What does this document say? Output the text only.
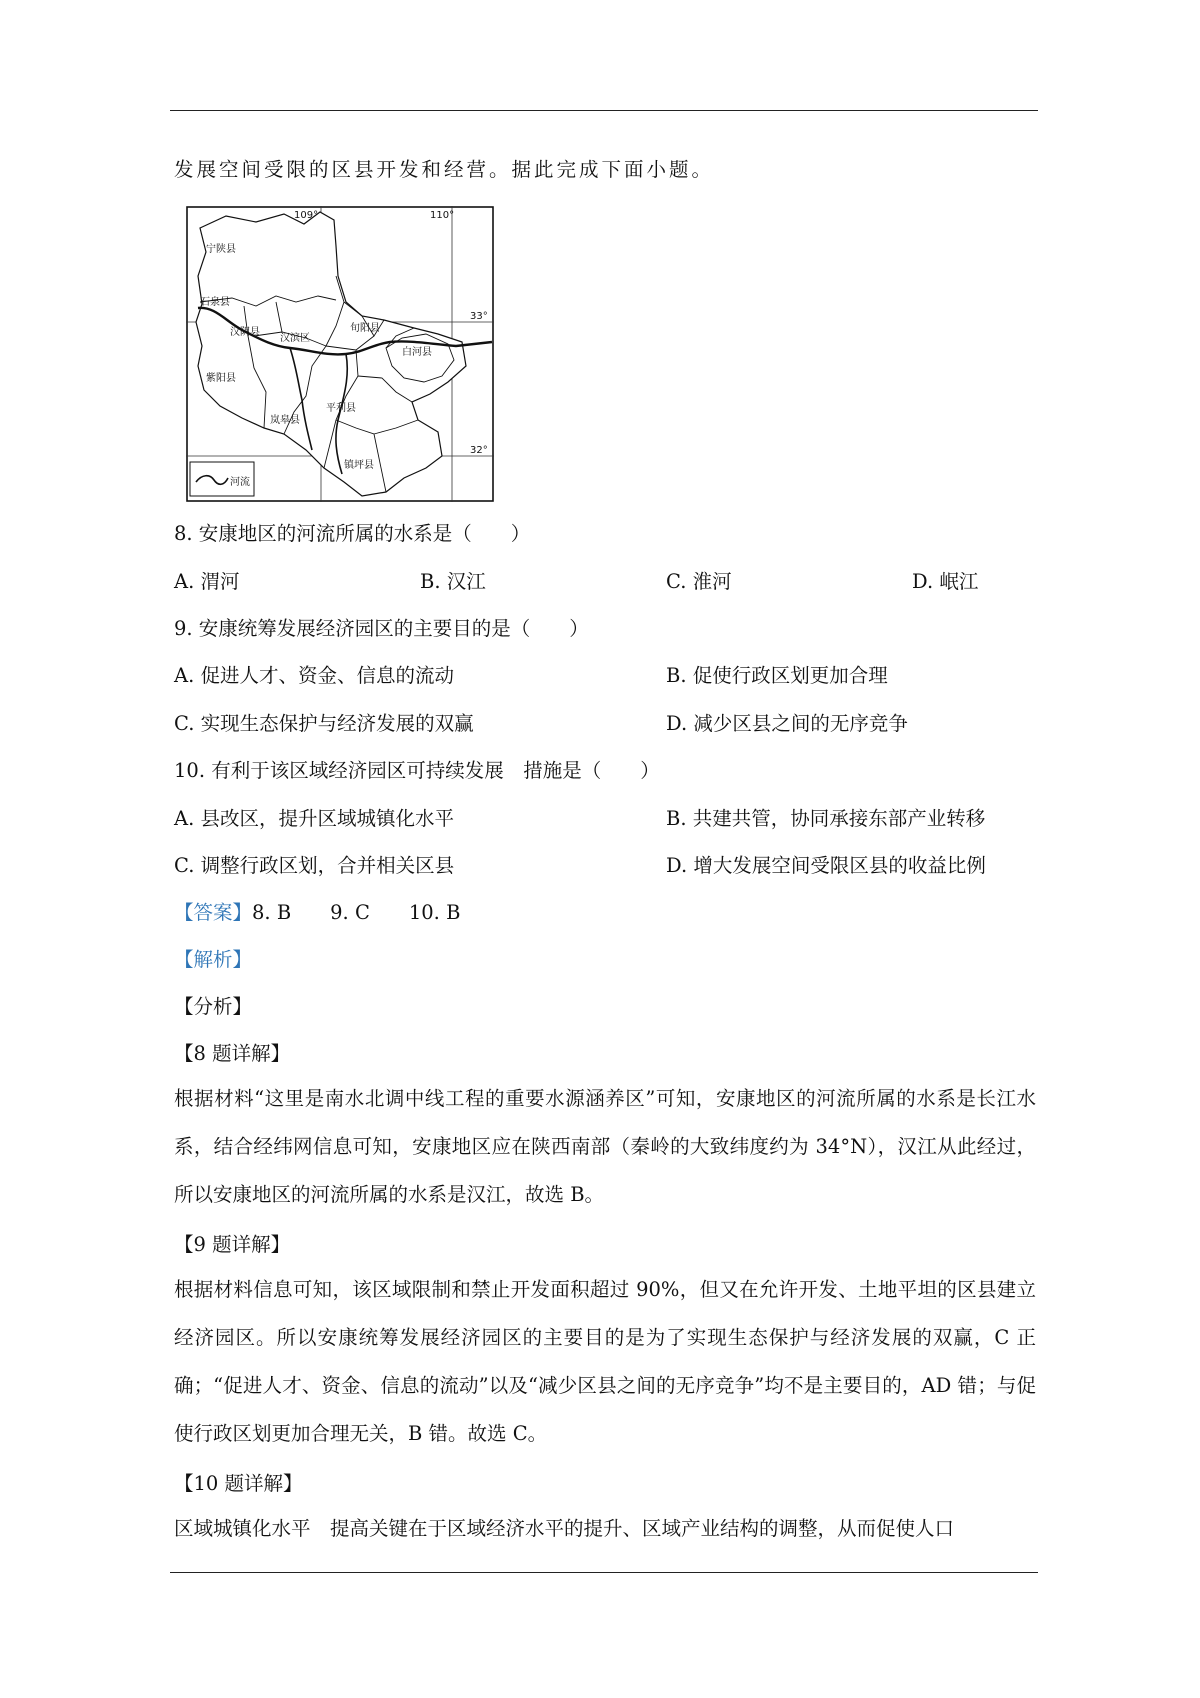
发展空间受限的区县开发和经营。据此完成下面小题。
109°	110°
33°
32°
宁陕县
石泉县
汉阴县
汉滨区
旬阳县
白河县
紫阳县
岚皋县
平利县
镇坪县
河流
8. 安康地区的河流所属的水系是（　　）
A. 渭河	B. 汉江	C. 淮河	D. 岷江
9. 安康统筹发展经济园区的主要目的是（　　）
A. 促进人才、资金、信息的流动	B. 促使行政区划更加合理
C. 实现生态保护与经济发展的双赢	D. 减少区县之间的无序竞争
10. 有利于该区域经济园区可持续发展　措施是（　　）
A. 县改区，提升区域城镇化水平	B. 共建共管，协同承接东部产业转移
C. 调整行政区划，合并相关区县	D. 增大发展空间受限区县的收益比例
【答案】8. B　　9. C　　10. B
【解析】
【分析】
【8 题详解】
根据材料“这里是南水北调中线工程的重要水源涵养区”可知，安康地区的河流所属的水系是长江水系，结合经纬网信息可知，安康地区应在陕西南部（秦岭的大致纬度约为 34°N），汉江从此经过，所以安康地区的河流所属的水系是汉江，故选 B。
【9 题详解】
根据材料信息可知，该区域限制和禁止开发面积超过 90%，但又在允许开发、土地平坦的区县建立经济园区。所以安康统筹发展经济园区的主要目的是为了实现生态保护与经济发展的双赢，C 正确；“促进人才、资金、信息的流动”以及“减少区县之间的无序竞争”均不是主要目的，AD 错；与促使行政区划更加合理无关，B 错。故选 C。
【10 题详解】
区域城镇化水平　提高关键在于区域经济水平的提升、区域产业结构的调整，从而促使人口
